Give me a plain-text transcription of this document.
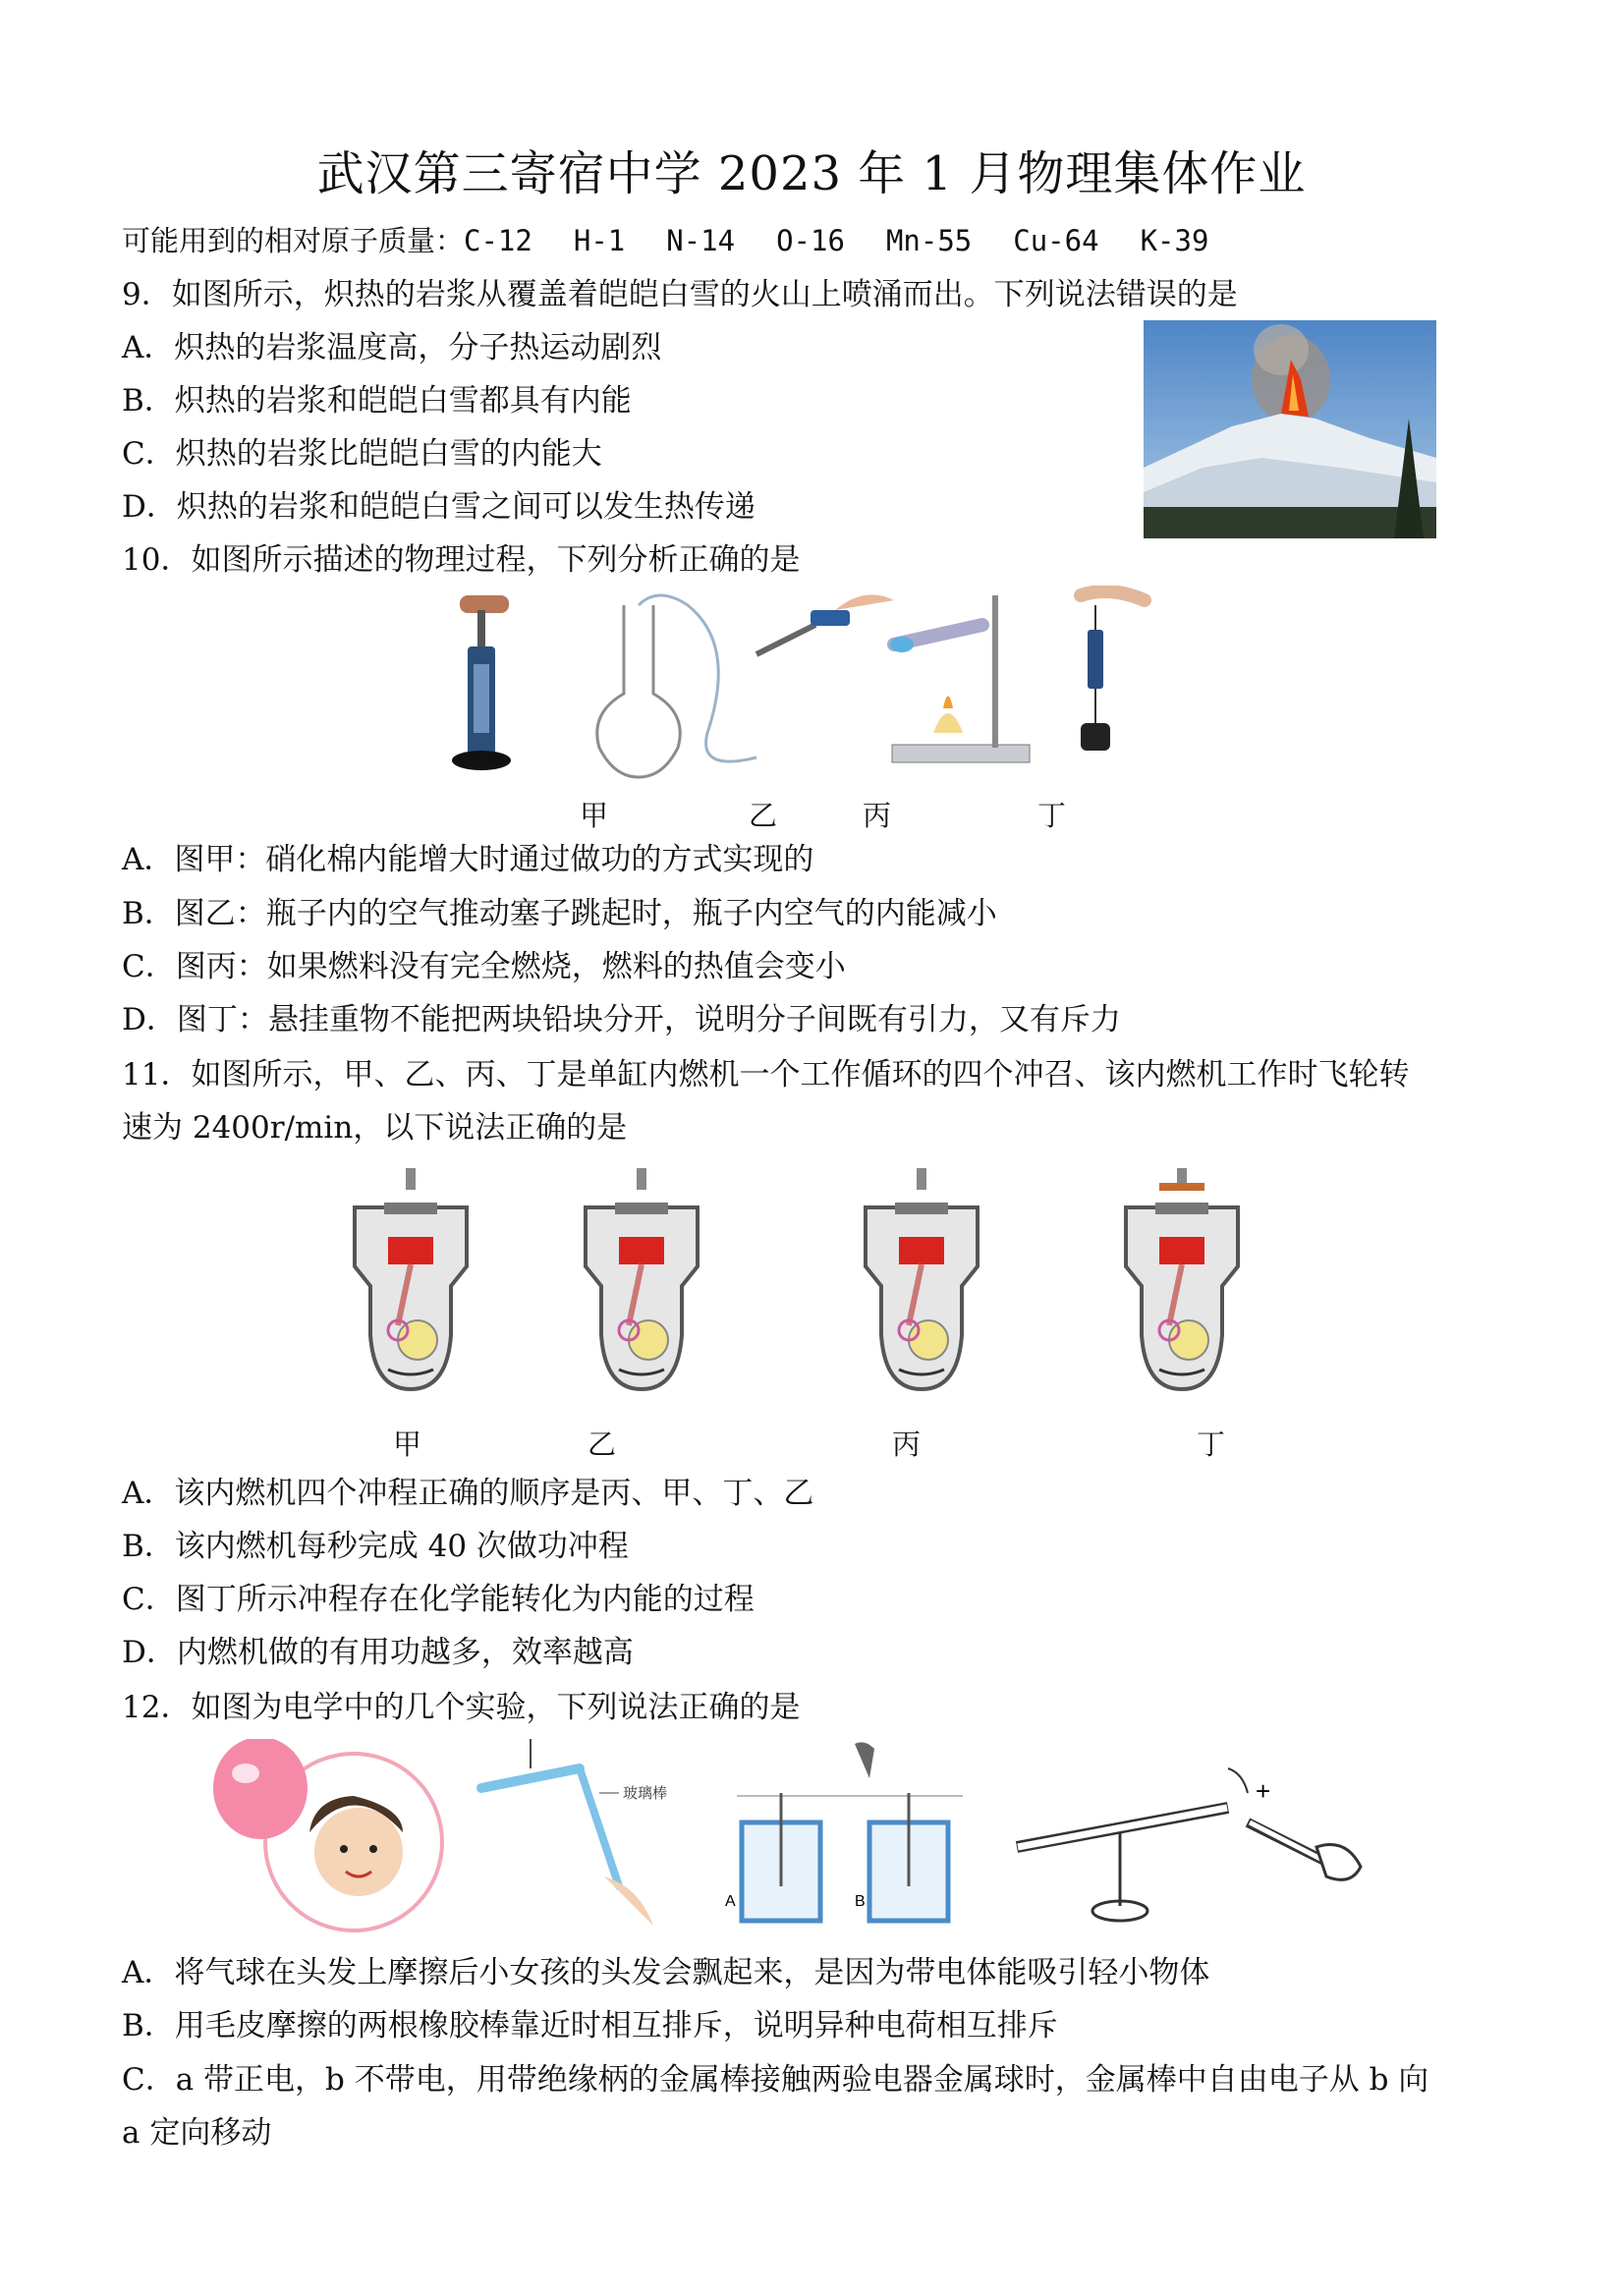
武汉第三寄宿中学 2023 年 1 月物理集体作业
可能用到的相对原子质量：C-12 H-1 N-14 O-16 Mn-55 Cu-64 K-39
9．如图所示，炽热的岩浆从覆盖着皑皑白雪的火山上喷涌而出。下列说法错误的是
A．炽热的岩浆温度高，分子热运动剧烈
B．炽热的岩浆和皑皑白雪都具有内能
C．炽热的岩浆比皑皑白雪的内能大
D．炽热的岩浆和皑皑白雪之间可以发生热传递
10．如图所示描述的物理过程，下列分析正确的是
甲	乙	丙	丁
A．图甲：硝化棉内能增大时通过做功的方式实现的
B．图乙：瓶子内的空气推动塞子跳起时，瓶子内空气的内能减小
C．图丙：如果燃料没有完全燃烧，燃料的热值会变小
D．图丁：悬挂重物不能把两块铅块分开，说明分子间既有引力，又有斥力
11．如图所示，甲、乙、丙、丁是单缸内燃机一个工作偱环的四个冲召、该内燃机工作时飞轮转
速为 2400r/min，以下说法正确的是
甲	乙	丙	丁
A．该内燃机四个冲程正确的顺序是丙、甲、丁、乙
B．该内燃机每秒完成 40 次做功冲程
C．图丁所示冲程存在化学能转化为内能的过程
D．内燃机做的有用功越多，效率越高
12．如图为电学中的几个实验，下列说法正确的是
玻璃棒
A	B
+
A．将气球在头发上摩擦后小女孩的头发会飘起来，是因为带电体能吸引轻小物体
B．用毛皮摩擦的两根橡胶棒靠近时相互排斥，说明异种电荷相互排斥
C．a 带正电，b 不带电，用带绝缘柄的金属棒接触两验电器金属球时，金属棒中自由电子从 b 向
a 定向移动
